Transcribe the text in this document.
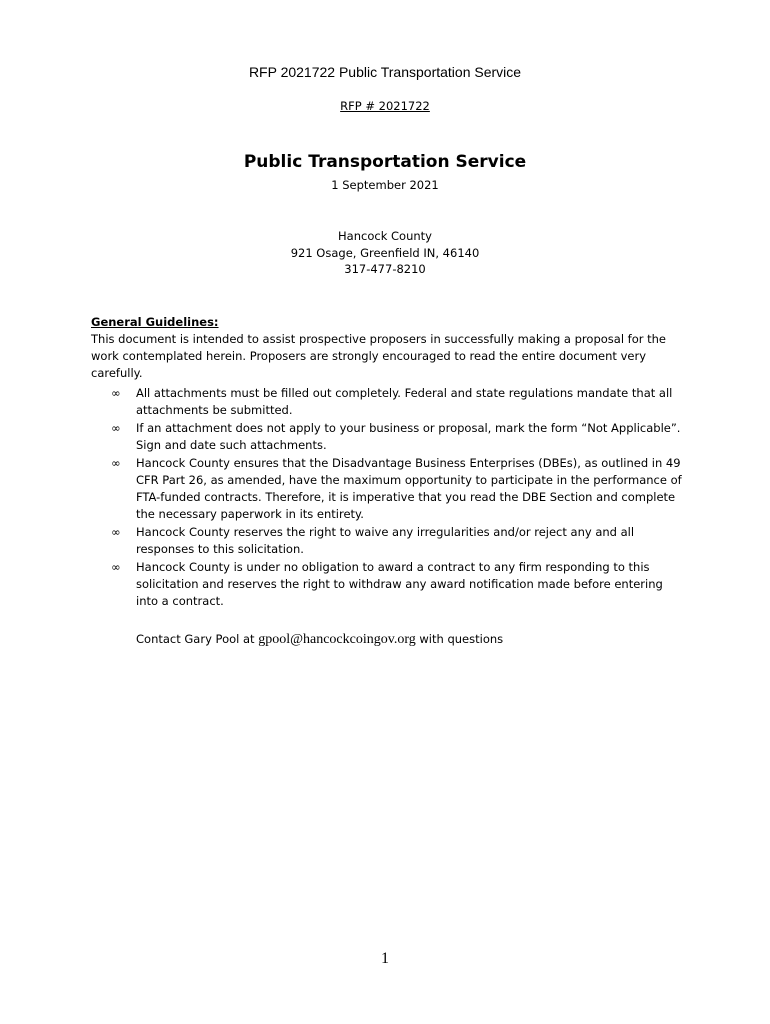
RFP 2021722 Public Transportation Service
RFP # 2021722
Public Transportation Service
1 September 2021
Hancock County
921 Osage, Greenfield IN, 46140
317-477-8210
General Guidelines:

This document is intended to assist prospective proposers in successfully making a proposal for the work contemplated herein. Proposers are strongly encouraged to read the entire document very carefully.

∞	All attachments must be filled out completely. Federal and state regulations mandate that all attachments be submitted.
∞	If an attachment does not apply to your business or proposal, mark the form “Not Applicable”. Sign and date such attachments.
∞	Hancock County ensures that the Disadvantage Business Enterprises (DBEs), as outlined in 49 CFR Part 26, as amended, have the maximum opportunity to participate in the performance of FTA-funded contracts. Therefore, it is imperative that you read the DBE Section and complete the necessary paperwork in its entirety.
∞	Hancock County reserves the right to waive any irregularities and/or reject any and all responses to this solicitation.
∞	Hancock County is under no obligation to award a contract to any firm responding to this solicitation and reserves the right to withdraw any award notification made before entering into a contract.
Contact Gary Pool at gpool@hancockcoingov.org with questions
1
